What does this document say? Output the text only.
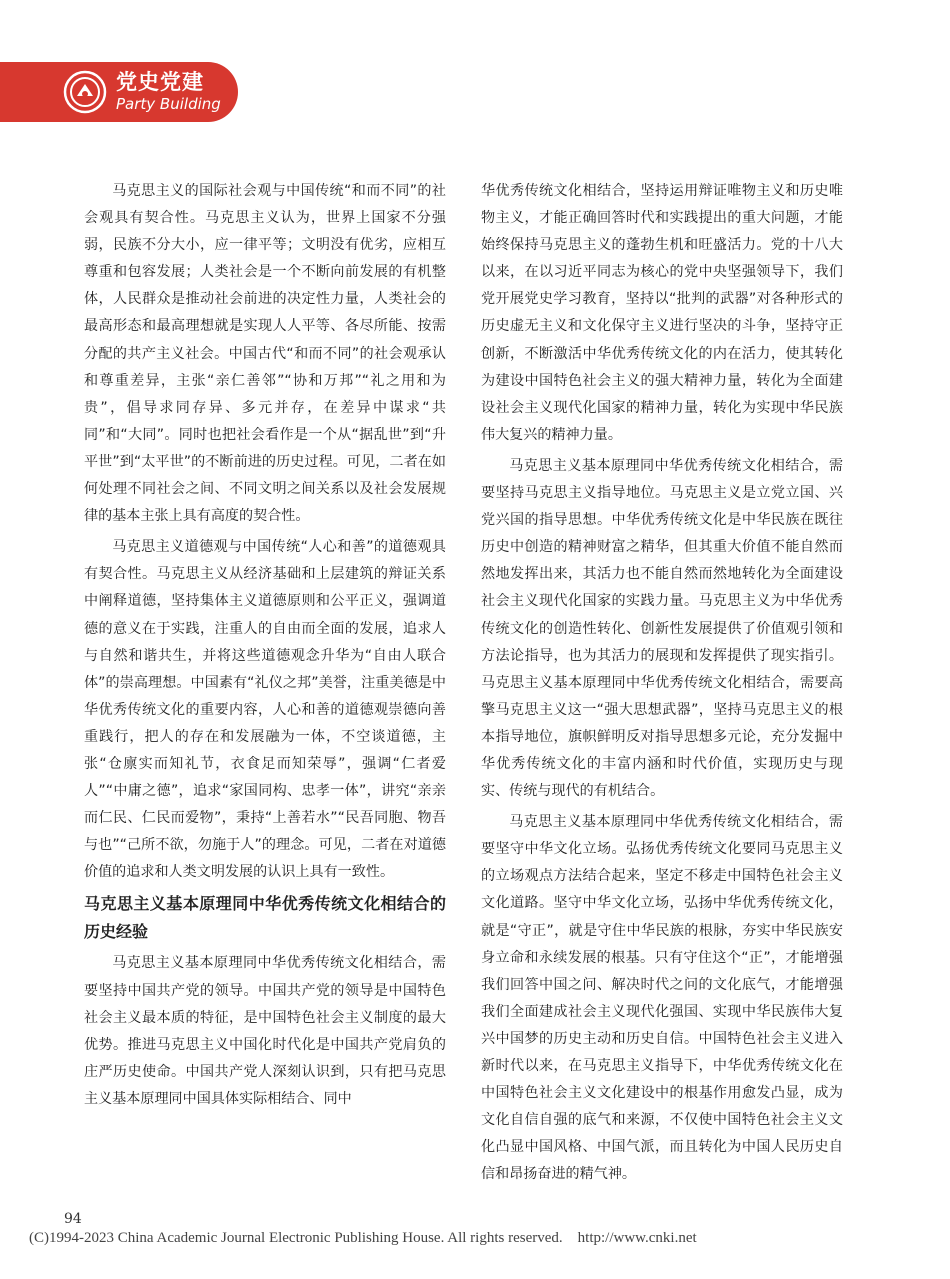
党史党建
Party Building

马克思主义的国际社会观与中国传统“和而不同”的社会观具有契合性。马克思主义认为，世界上国家不分强弱，民族不分大小，应一律平等；文明没有优劣，应相互尊重和包容发展；人类社会是一个不断向前发展的有机整体，人民群众是推动社会前进的决定性力量，人类社会的最高形态和最高理想就是实现人人平等、各尽所能、按需分配的共产主义社会。中国古代“和而不同”的社会观承认和尊重差异，主张“亲仁善邻”“协和万邦”“礼之用和为贵”，倡导求同存异、多元并存，在差异中谋求“共同”和“大同”。同时也把社会看作是一个从“据乱世”到“升平世”到“太平世”的不断前进的历史过程。可见，二者在如何处理不同社会之间、不同文明之间关系以及社会发展规律的基本主张上具有高度的契合性。

马克思主义道德观与中国传统“人心和善”的道德观具有契合性。马克思主义从经济基础和上层建筑的辩证关系中阐释道德，坚持集体主义道德原则和公平正义，强调道德的意义在于实践，注重人的自由而全面的发展，追求人与自然和谐共生，并将这些道德观念升华为“自由人联合体”的崇高理想。中国素有“礼仪之邦”美誉，注重美德是中华优秀传统文化的重要内容，人心和善的道德观崇德向善重践行，把人的存在和发展融为一体，不空谈道德，主张“仓廪实而知礼节，衣食足而知荣辱”，强调“仁者爱人”“中庸之德”，追求“家国同构、忠孝一体”，讲究“亲亲而仁民、仁民而爱物”，秉持“上善若水”“民吾同胞、物吾与也”“己所不欲，勿施于人”的理念。可见，二者在对道德价值的追求和人类文明发展的认识上具有一致性。

马克思主义基本原理同中华优秀传统文化相结合的历史经验

马克思主义基本原理同中华优秀传统文化相结合，需要坚持中国共产党的领导。中国共产党的领导是中国特色社会主义最本质的特征，是中国特色社会主义制度的最大优势。推进马克思主义中国化时代化是中国共产党肩负的庄严历史使命。中国共产党人深刻认识到，只有把马克思主义基本原理同中国具体实际相结合、同中

华优秀传统文化相结合，坚持运用辩证唯物主义和历史唯物主义，才能正确回答时代和实践提出的重大问题，才能始终保持马克思主义的蓬勃生机和旺盛活力。党的十八大以来，在以习近平同志为核心的党中央坚强领导下，我们党开展党史学习教育，坚持以“批判的武器”对各种形式的历史虚无主义和文化保守主义进行坚决的斗争，坚持守正创新，不断激活中华优秀传统文化的内在活力，使其转化为建设中国特色社会主义的强大精神力量，转化为全面建设社会主义现代化国家的精神力量，转化为实现中华民族伟大复兴的精神力量。

马克思主义基本原理同中华优秀传统文化相结合，需要坚持马克思主义指导地位。马克思主义是立党立国、兴党兴国的指导思想。中华优秀传统文化是中华民族在既往历史中创造的精神财富之精华，但其重大价值不能自然而然地发挥出来，其活力也不能自然而然地转化为全面建设社会主义现代化国家的实践力量。马克思主义为中华优秀传统文化的创造性转化、创新性发展提供了价值观引领和方法论指导，也为其活力的展现和发挥提供了现实指引。马克思主义基本原理同中华优秀传统文化相结合，需要高擎马克思主义这一“强大思想武器”，坚持马克思主义的根本指导地位，旗帜鲜明反对指导思想多元论，充分发掘中华优秀传统文化的丰富内涵和时代价值，实现历史与现实、传统与现代的有机结合。

马克思主义基本原理同中华优秀传统文化相结合，需要坚守中华文化立场。弘扬优秀传统文化要同马克思主义的立场观点方法结合起来，坚定不移走中国特色社会主义文化道路。坚守中华文化立场，弘扬中华优秀传统文化，就是“守正”，就是守住中华民族的根脉，夯实中华民族安身立命和永续发展的根基。只有守住这个“正”，才能增强我们回答中国之问、解决时代之问的文化底气，才能增强我们全面建成社会主义现代化强国、实现中华民族伟大复兴中国梦的历史主动和历史自信。中国特色社会主义进入新时代以来，在马克思主义指导下，中华优秀传统文化在中国特色社会主义文化建设中的根基作用愈发凸显，成为文化自信自强的底气和来源，不仅使中国特色社会主义文化凸显中国风格、中国气派，而且转化为中国人民历史自信和昂扬奋进的精气神。

94
(C)1994-2023 China Academic Journal Electronic Publishing House. All rights reserved.    http://www.cnki.net
